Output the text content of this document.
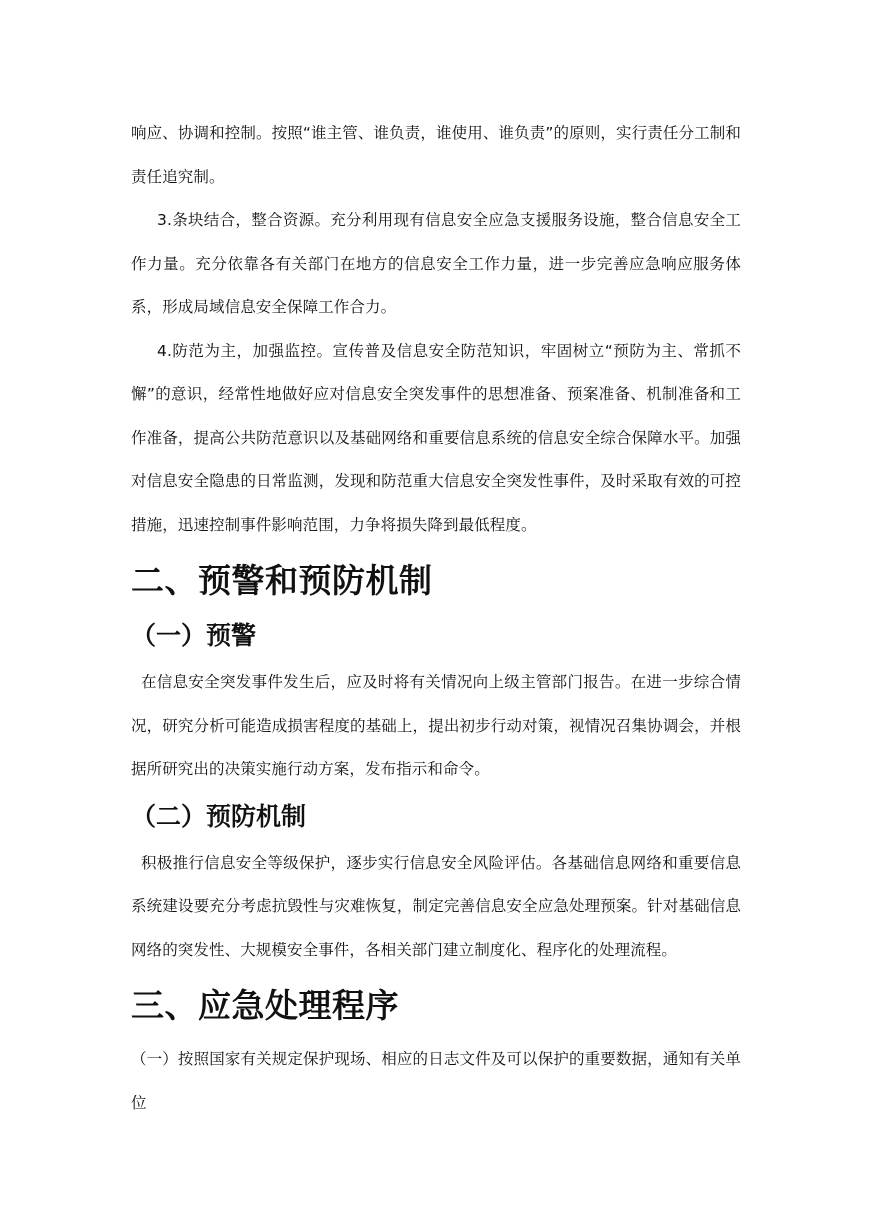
响应、协调和控制。按照“谁主管、谁负责，谁使用、谁负责”的原则，实行责任分工制和责任追究制。

3.条块结合，整合资源。充分利用现有信息安全应急支援服务设施，整合信息安全工作力量。充分依靠各有关部门在地方的信息安全工作力量，进一步完善应急响应服务体系，形成局域信息安全保障工作合力。

4.防范为主，加强监控。宣传普及信息安全防范知识，牢固树立“预防为主、常抓不懈”的意识，经常性地做好应对信息安全突发事件的思想准备、预案准备、机制准备和工作准备，提高公共防范意识以及基础网络和重要信息系统的信息安全综合保障水平。加强对信息安全隐患的日常监测，发现和防范重大信息安全突发性事件，及时采取有效的可控措施，迅速控制事件影响范围，力争将损失降到最低程度。

二、预警和预防机制
（一）预警

在信息安全突发事件发生后，应及时将有关情况向上级主管部门报告。在进一步综合情况，研究分析可能造成损害程度的基础上，提出初步行动对策，视情况召集协调会，并根据所研究出的决策实施行动方案，发布指示和命令。

（二）预防机制

积极推行信息安全等级保护，逐步实行信息安全风险评估。各基础信息网络和重要信息系统建设要充分考虑抗毁性与灾难恢复，制定完善信息安全应急处理预案。针对基础信息网络的突发性、大规模安全事件，各相关部门建立制度化、程序化的处理流程。

三、应急处理程序

（一）按照国家有关规定保护现场、相应的日志文件及可以保护的重要数据，通知有关单位
